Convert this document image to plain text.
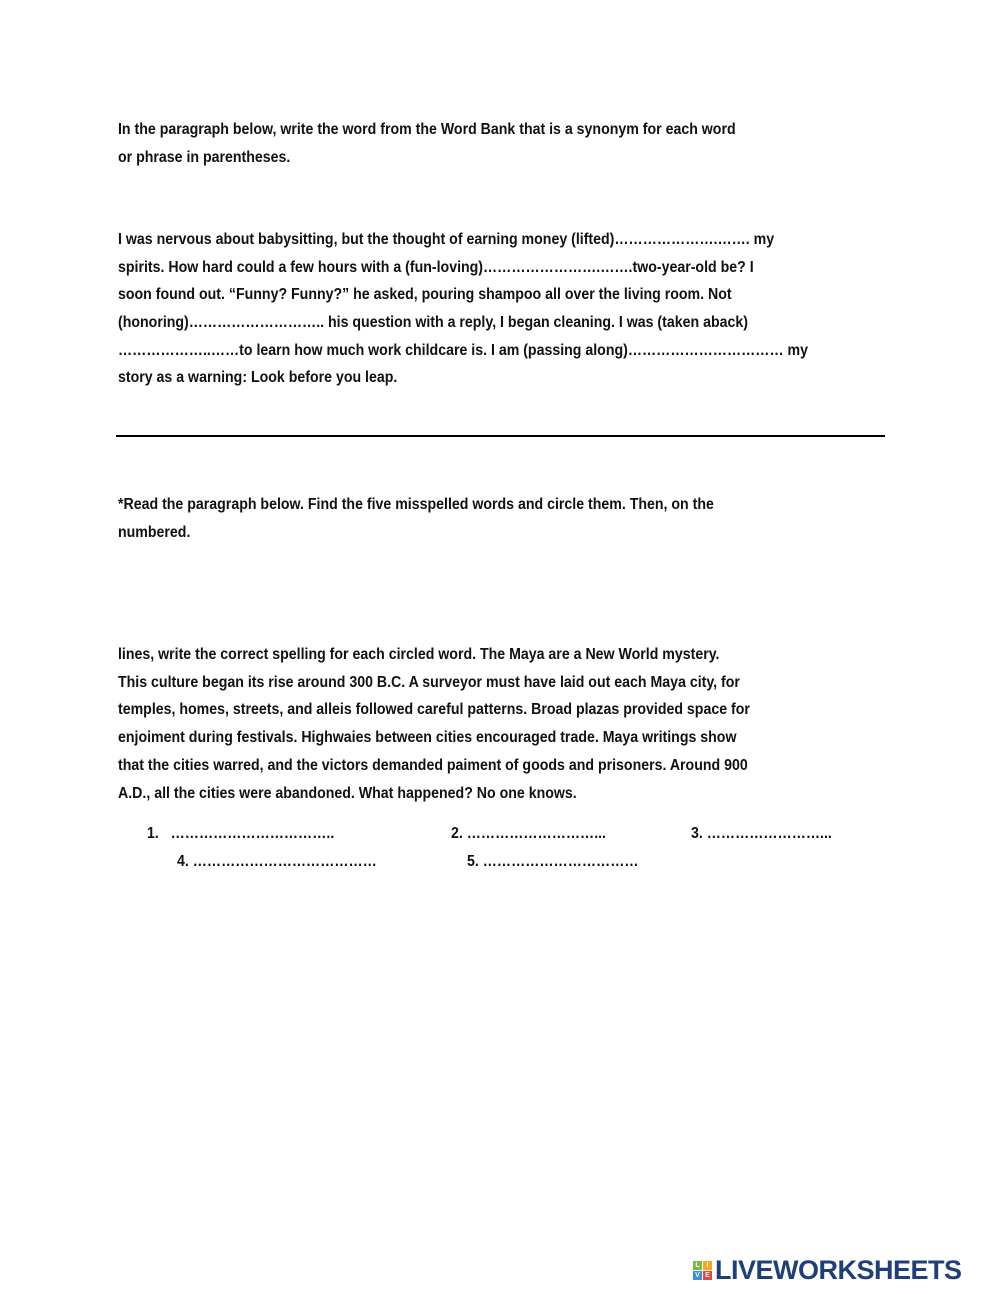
In the paragraph below, write the word from the Word Bank that is a synonym for each word
or phrase in parentheses.
I was nervous about babysitting, but the thought of earning money (lifted)………………….……. my
spirits. How hard could a few hours with a (fun-loving)…………………….…….two-year-old be? I
soon found out. “Funny? Funny?” he asked, pouring shampoo all over the living room. Not
(honoring)……………………….. his question with a reply, I began cleaning. I was (taken aback)
………………..……to learn how much work childcare is. I am (passing along)…………………………… my
story as a warning: Look before you leap.
*Read the paragraph below. Find the five misspelled words and circle them. Then, on the
numbered.
lines, write the correct spelling for each circled word. The Maya are a New World mystery.
This culture began its rise around 300 B.C. A surveyor must have laid out each Maya city, for
temples, homes, streets, and alleis followed careful patterns. Broad plazas provided space for
enjoiment during festivals. Highwaies between cities encouraged trade. Maya writings show
that the cities warred, and the victors demanded paiment of goods and prisoners. Around 900
A.D., all the cities were abandoned. What happened? No one knows.
1. ……………………………..	2. ………………………...	3. ……………………...
4. …………………………………	5. ……………………………
L I
V E LIVEWORKSHEETS
